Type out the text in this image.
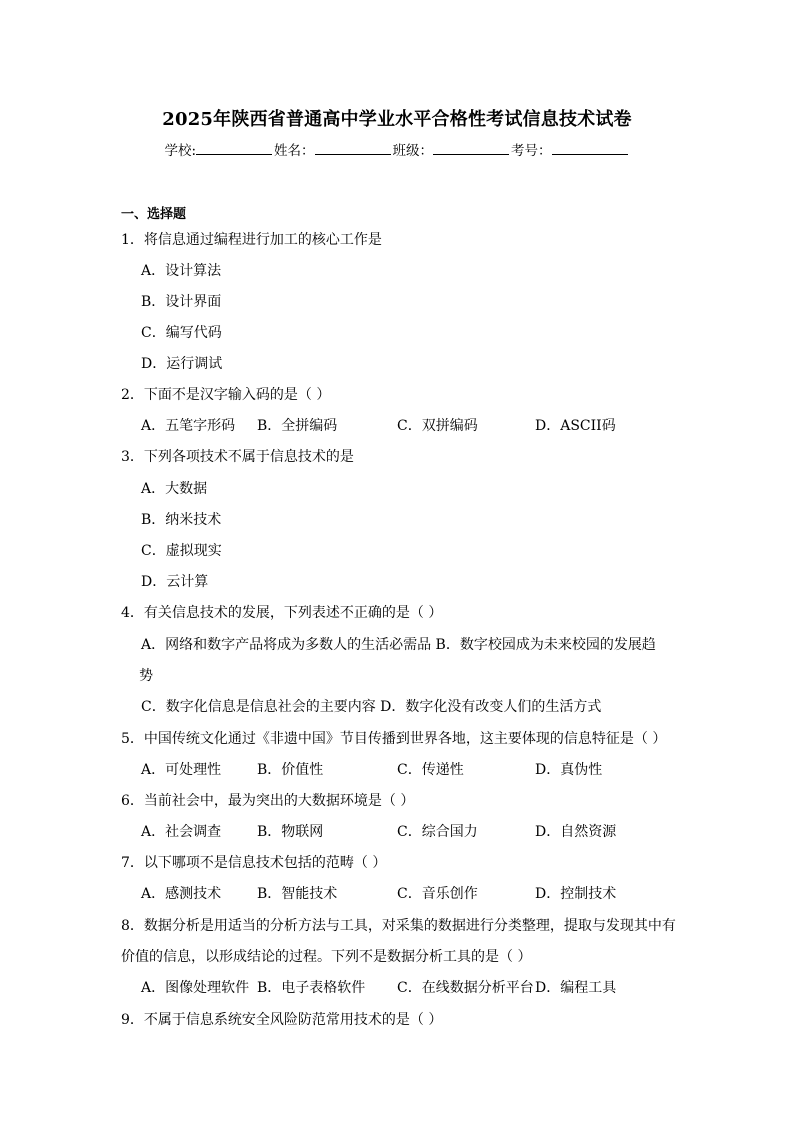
2025年陕西省普通高中学业水平合格性考试信息技术试卷
学校:	姓名：	班级：	考号：
一、选择题
1．将信息通过编程进行加工的核心工作是
A．设计算法
B．设计界面
C．编写代码
D．运行调试
2．下面不是汉字输入码的是（ ）
A．五笔字形码 B．全拼编码	C．双拼编码	D．ASCII码
3．下列各项技术不属于信息技术的是
A．大数据
B．纳米技术
C．虚拟现实
D．云计算
4．有关信息技术的发展，下列表述不正确的是（ ）
A．网络和数字产品将成为多数人的生活必需品 B．数字校园成为未来校园的发展趋
势
C．数字化信息是信息社会的主要内容 D．数字化没有改变人们的生活方式
5．中国传统文化通过《非遗中国》节目传播到世界各地，这主要体现的信息特征是（ ）
A．可处理性	B．价值性	C．传递性	D．真伪性
6．当前社会中，最为突出的大数据环境是（ ）
A．社会调查	B．物联网	C．综合国力	D．自然资源
7．以下哪项不是信息技术包括的范畴（ ）
A．感测技术	B．智能技术	C．音乐创作	D．控制技术
8．数据分析是用适当的分析方法与工具，对采集的数据进行分类整理，提取与发现其中有
价值的信息，以形成结论的过程。下列不是数据分析工具的是（ ）
A．图像处理软件 B．电子表格软件 C．在线数据分析平台 D．编程工具
9．不属于信息系统安全风险防范常用技术的是（ ）
